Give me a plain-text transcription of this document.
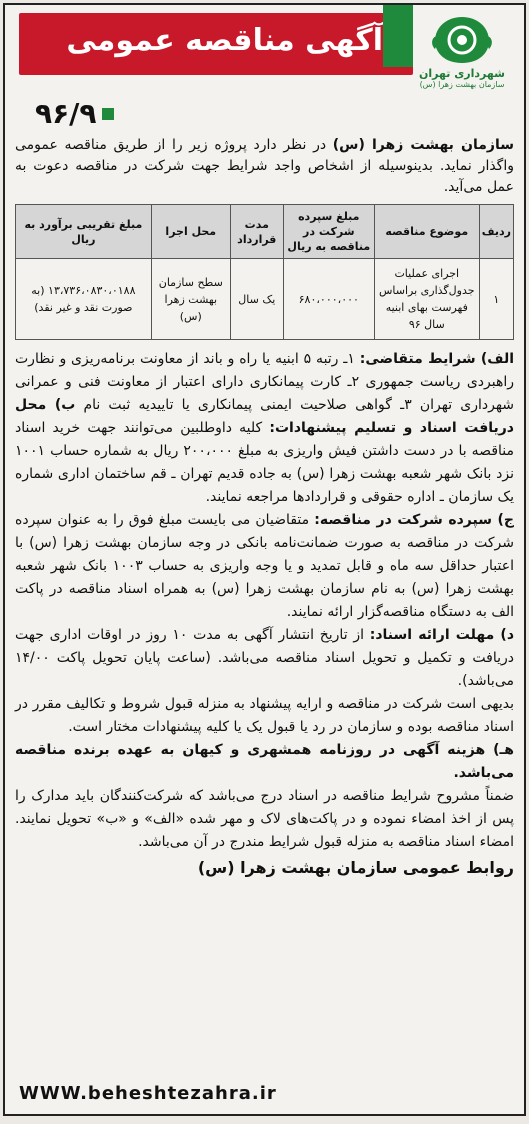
آگهی مناقصه عمومی
شهرداری تهران
سازمان بهشت زهرا (س)
۹۶/۹

سازمان بهشت زهرا (س) در نظر دارد پروژه زیر را از طریق مناقصه عمومی واگذار نماید. بدینوسیله از اشخاص واجد شرایط جهت شرکت در مناقصه دعوت به عمل می‌آید.

ردیف	موضوع مناقصه	مبلغ سپرده شرکت در مناقصه به ریال	مدت قرارداد	محل اجرا	مبلغ تقریبی برآورد به ریال
۱	اجرای عملیات جدول‌گذاری براساس فهرست بهای ابنیه سال ۹۶	۶۸۰،۰۰۰،۰۰۰	یک سال	سطح سازمان بهشت زهرا (س)	۱۳،۷۳۶،۰۸۳۰،۰۱۸۸ (به صورت نقد و غیر نقد)

الف) شرایط متقاضی: ۱ـ رتبه ۵ ابنیه یا راه و باند از معاونت برنامه‌ریزی و نظارت راهبردی ریاست جمهوری ۲ـ کارت پیمانکاری دارای اعتبار از معاونت فنی و عمرانی شهرداری تهران ۳ـ گواهی صلاحیت ایمنی پیمانکاری یا تاییدیه ثبت نام ب) محل دریافت اسناد و تسلیم پیشنهادات: کلیه داوطلبین می‌توانند جهت خرید اسناد مناقصه با در دست داشتن فیش واریزی به مبلغ ۲۰۰،۰۰۰ ریال به شماره حساب ۱۰۰۱ نزد بانک شهر شعبه بهشت زهرا (س) به جاده قدیم تهران ـ قم ساختمان اداری شماره یک سازمان ـ اداره حقوقی و قراردادها مراجعه نمایند.

ج) سپرده شرکت در مناقصه: متقاضیان می بایست مبلغ فوق را به عنوان سپرده شرکت در مناقصه به صورت ضمانت‌نامه بانکی در وجه سازمان بهشت زهرا (س) با اعتبار حداقل سه ماه و قابل تمدید و یا وجه واریزی به حساب ۱۰۰۳ بانک شهر شعبه بهشت زهرا (س) به نام سازمان بهشت زهرا (س) به همراه اسناد مناقصه در پاکت الف به دستگاه مناقصه‌گزار ارائه نمایند.

د) مهلت ارائه اسناد: از تاریخ انتشار آگهی به مدت ۱۰ روز در اوقات اداری جهت دریافت و تکمیل و تحویل اسناد مناقصه می‌باشد. (ساعت پایان تحویل پاکت ۱۴/۰۰ می‌باشد).

بدیهی است شرکت در مناقصه و ارایه پیشنهاد به منزله قبول شروط و تکالیف مقرر در اسناد مناقصه بوده و سازمان در رد یا قبول یک یا کلیه پیشنهادات مختار است.

هـ) هزینه آگهی در روزنامه همشهری و کیهان به عهده برنده مناقصه می‌باشد.

ضمناً مشروح شرایط مناقصه در اسناد درج می‌باشد که شرکت‌کنندگان باید مدارک را پس از اخذ امضاء نموده و در پاکت‌های لاک و مهر شده «الف» و «ب» تحویل نمایند. امضاء اسناد مناقصه به منزله قبول شرایط مندرج در آن می‌باشد.

روابط عمومی سازمان بهشت زهرا (س)
WWW.beheshtezahra.ir
